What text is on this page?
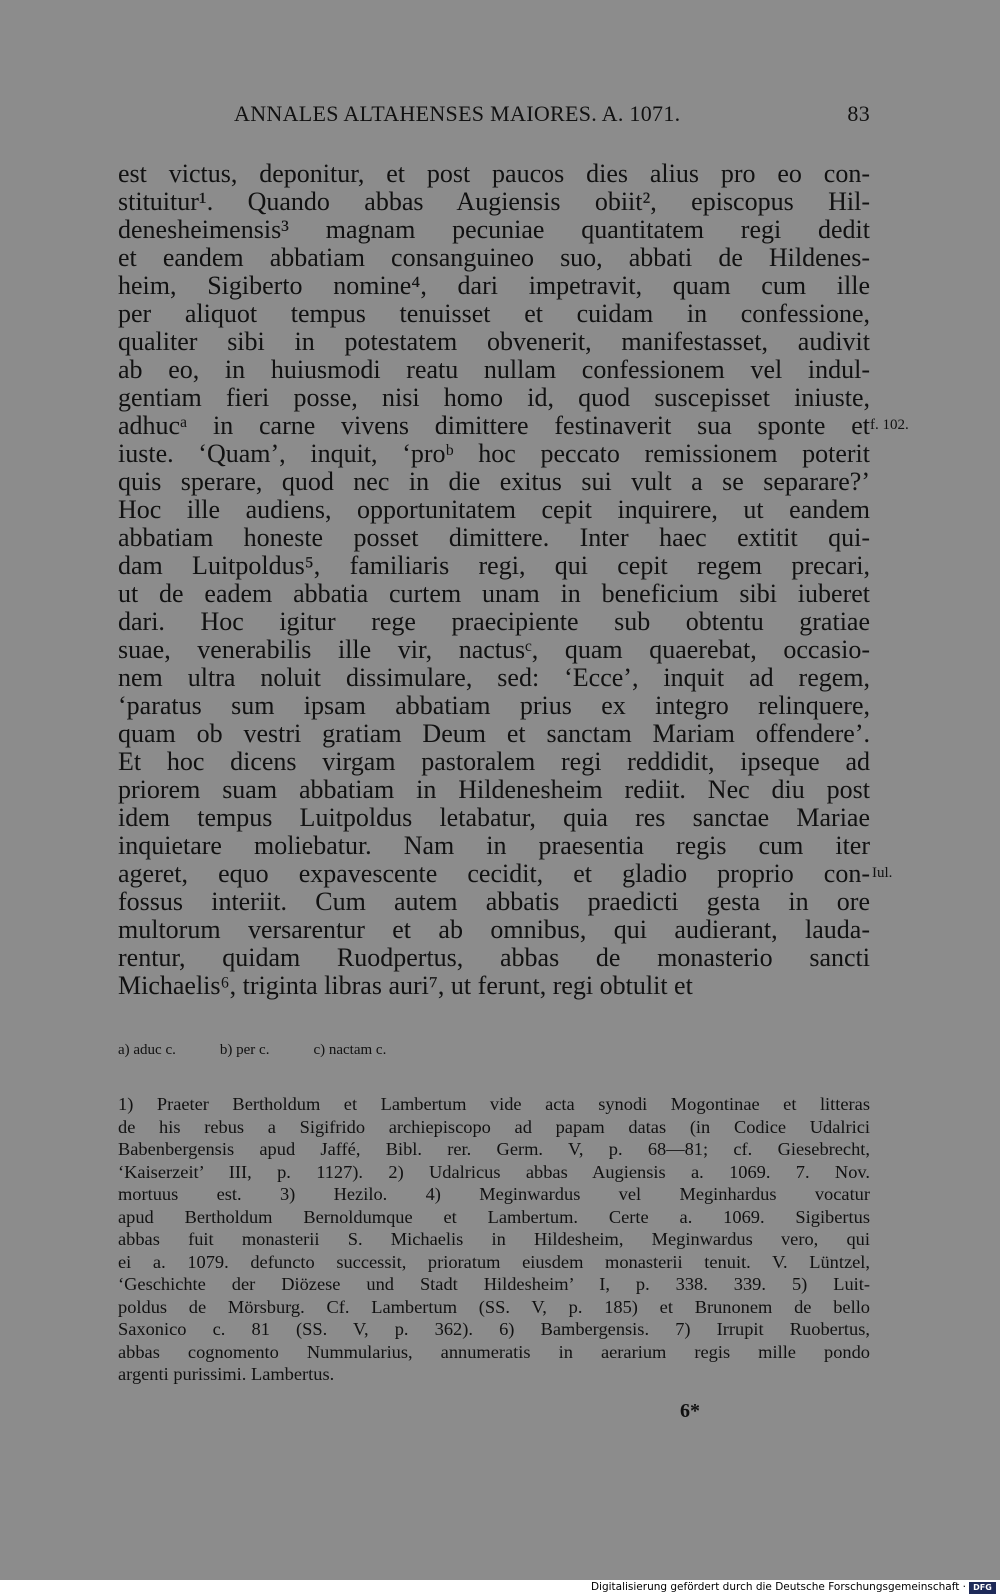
ANNALES ALTAHENSES MAIORES. A. 1071.	83
est victus, deponitur, et post paucos dies alius pro eo con-
stituitur¹. Quando abbas Augiensis obiit², episcopus Hil-
denesheimensis³ magnam pecuniae quantitatem regi dedit
et eandem abbatiam consanguineo suo, abbati de Hildenes-
heim, Sigiberto nomine⁴, dari impetravit, quam cum ille
per aliquot tempus tenuisset et cuidam in confessione,
qualiter sibi in potestatem obvenerit, manifestasset, audivit
ab eo, in huiusmodi reatu nullam confessionem vel indul-
gentiam fieri posse, nisi homo id, quod suscepisset iniuste,
adhucᵃ in carne vivens dimittere festinaverit sua sponte et
iuste. ‘Quam’, inquit, ‘proᵇ hoc peccato remissionem poterit
quis sperare, quod nec in die exitus sui vult a se separare?’
Hoc ille audiens, opportunitatem cepit inquirere, ut eandem
abbatiam honeste posset dimittere. Inter haec extitit qui-
dam Luitpoldus⁵, familiaris regi, qui cepit regem precari,
ut de eadem abbatia curtem unam in beneficium sibi iuberet
dari. Hoc igitur rege praecipiente sub obtentu gratiae
suae, venerabilis ille vir, nactusᶜ, quam quaerebat, occasio-
nem ultra noluit dissimulare, sed: ‘Ecce’, inquit ad regem,
‘paratus sum ipsam abbatiam prius ex integro relinquere,
quam ob vestri gratiam Deum et sanctam Mariam offendere’.
Et hoc dicens virgam pastoralem regi reddidit, ipseque ad
priorem suam abbatiam in Hildenesheim rediit. Nec diu post
idem tempus Luitpoldus letabatur, quia res sanctae Mariae
inquietare moliebatur. Nam in praesentia regis cum iter
ageret, equo expavescente cecidit, et gladio proprio con-
fossus interiit. Cum autem abbatis praedicti gesta in ore
multorum versarentur et ab omnibus, qui audierant, lauda-
rentur, quidam Ruodpertus, abbas de monasterio sancti
Michaelis⁶, triginta libras auri⁷, ut ferunt, regi obtulit et
f. 102.
Iul.
a) aduc c.	b) per c.	c) nactam c.
1) Praeter Bertholdum et Lambertum vide acta synodi Mogontinae et litteras
de his rebus a Sigifrido archiepiscopo ad papam datas (in Codice Udalrici
Babenbergensis apud Jaffé, Bibl. rer. Germ. V, p. 68—81; cf. Giesebrecht,
‘Kaiserzeit’ III, p. 1127). 2) Udalricus abbas Augiensis a. 1069. 7. Nov.
mortuus est. 3) Hezilo. 4) Meginwardus vel Meginhardus vocatur
apud Bertholdum Bernoldumque et Lambertum. Certe a. 1069. Sigibertus
abbas fuit monasterii S. Michaelis in Hildesheim, Meginwardus vero, qui
ei a. 1079. defuncto successit, prioratum eiusdem monasterii tenuit. V. Lüntzel,
‘Geschichte der Diözese und Stadt Hildesheim’ I, p. 338. 339. 5) Luit-
poldus de Mörsburg. Cf. Lambertum (SS. V, p. 185) et Brunonem de bello
Saxonico c. 81 (SS. V, p. 362). 6) Bambergensis. 7) Irrupit Ruobertus,
abbas cognomento Nummularius, annumeratis in aerarium regis mille pondo
argenti purissimi. Lambertus.
6*
Digitalisierung gefördert durch die Deutsche Forschungsgemeinschaft · DFG
